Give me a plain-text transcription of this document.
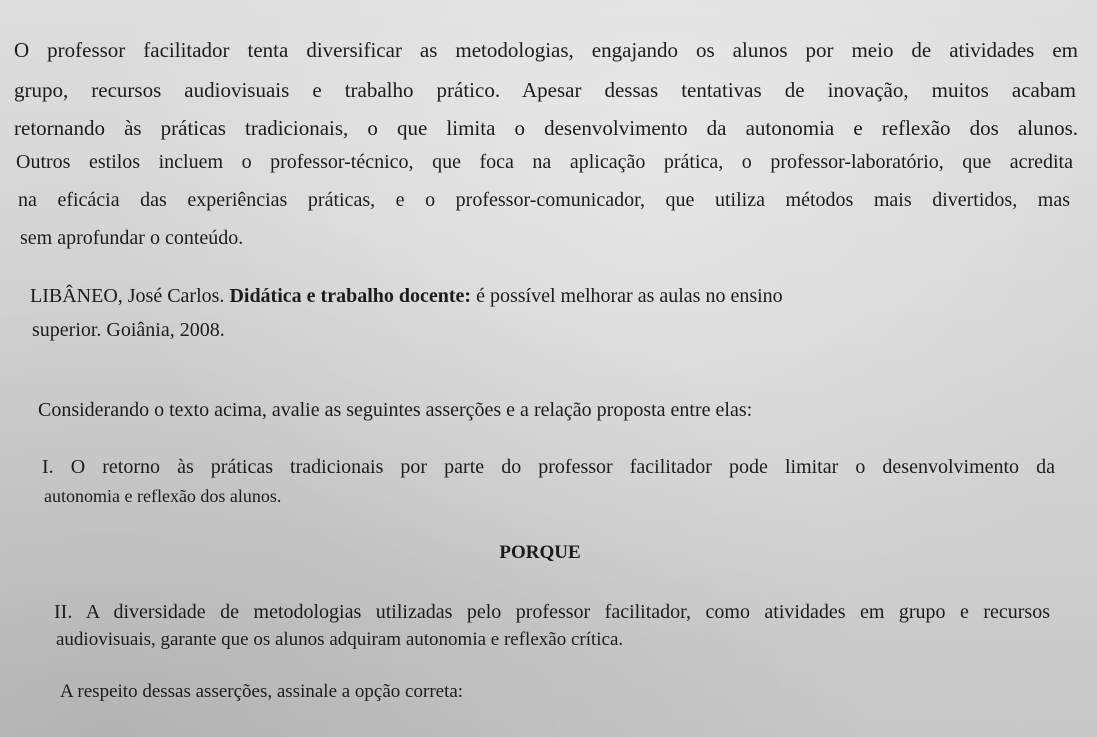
O professor facilitador tenta diversificar as metodologias, engajando os alunos por meio de atividades em

grupo, recursos audiovisuais e trabalho prático. Apesar dessas tentativas de inovação, muitos acabam

retornando às práticas tradicionais, o que limita o desenvolvimento da autonomia e reflexão dos alunos.

Outros estilos incluem o professor-técnico, que foca na aplicação prática, o professor-laboratório, que acredita

na eficácia das experiências práticas, e o professor-comunicador, que utiliza métodos mais divertidos, mas

sem aprofundar o conteúdo.

LIBÂNEO, José Carlos. Didática e trabalho docente: é possível melhorar as aulas no ensino

superior. Goiânia, 2008.

Considerando o texto acima, avalie as seguintes asserções e a relação proposta entre elas:

I. O retorno às práticas tradicionais por parte do professor facilitador pode limitar o desenvolvimento da

autonomia e reflexão dos alunos.

PORQUE

II. A diversidade de metodologias utilizadas pelo professor facilitador, como atividades em grupo e recursos

audiovisuais, garante que os alunos adquiram autonomia e reflexão crítica.

A respeito dessas asserções, assinale a opção correta:
